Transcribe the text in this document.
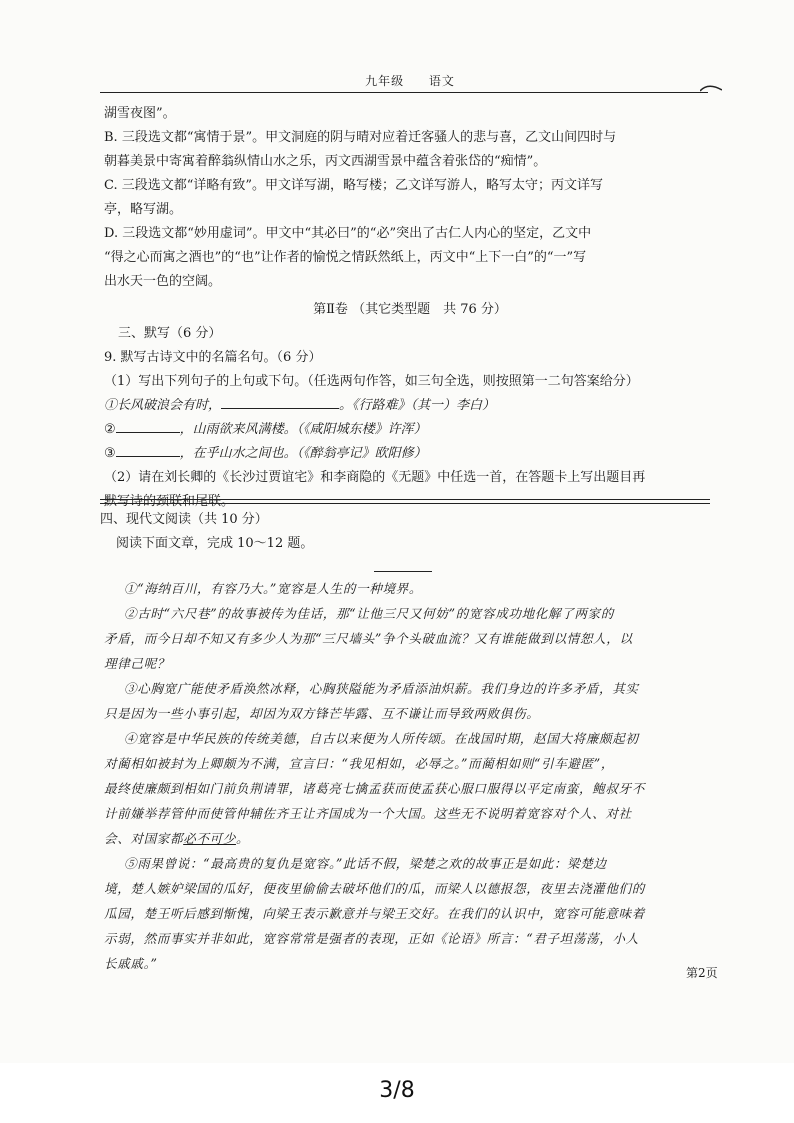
九年级 语文

湖雪夜图”。

B. 三段选文都“寓情于景”。甲文洞庭的阴与晴对应着迁客骚人的悲与喜，乙文山间四时与

朝暮美景中寄寓着醉翁纵情山水之乐，丙文西湖雪景中蕴含着张岱的“痴情”。

C. 三段选文都“详略有致”。甲文详写湖，略写楼；乙文详写游人，略写太守；丙文详写

亭，略写湖。

D. 三段选文都“妙用虚词”。甲文中“其必曰”的“必”突出了古仁人内心的坚定，乙文中

“得之心而寓之酒也”的“也”让作者的愉悦之情跃然纸上，丙文中“上下一白”的“一”写

出水天一色的空阔。

第Ⅱ卷 （其它类型题　共 76 分）

三、默写（6 分）

9. 默写古诗文中的名篇名句。（6 分）

（1）写出下列句子的上句或下句。（任选两句作答，如三句全选，则按照第一二句答案给分）

①长风破浪会有时，	。《行路难》（其一）李白）

②	，山雨欲来风满楼。（《咸阳城东楼》许浑）

③	，在乎山水之间也。（《醉翁亭记》欧阳修）

（2）请在刘长卿的《长沙过贾谊宅》和李商隐的《无题》中任选一首，在答题卡上写出题目再

默写诗的颈联和尾联。

四、现代文阅读（共 10 分）

阅读下面文章，完成 10～12 题。

①“海纳百川，有容乃大。”宽容是人生的一种境界。

②古时“六尺巷”的故事被传为佳话，那“让他三尺又何妨”的宽容成功地化解了两家的

矛盾，而今日却不知又有多少人为那“三尺墙头”争个头破血流？又有谁能做到以情恕人，以

理律己呢？

③心胸宽广能使矛盾涣然冰释，心胸狭隘能为矛盾添油炽薪。我们身边的许多矛盾，其实

只是因为一些小事引起，却因为双方锋芒毕露、互不谦让而导致两败俱伤。

④宽容是中华民族的传统美德，自古以来便为人所传颂。在战国时期，赵国大将廉颇起初

对蔺相如被封为上卿颇为不满，宣言曰：“我见相如，必辱之。”而蔺相如则“引车避匿”，

最终使廉颇到相如门前负荆请罪，诸葛亮七擒孟获而使孟获心服口服得以平定南蛮，鲍叔牙不

计前嫌举荐管仲而使管仲辅佐齐王让齐国成为一个大国。这些无不说明着宽容对个人、对社

会、对国家都必不可少。

⑤雨果曾说：“最高贵的复仇是宽容。”此话不假，梁楚之欢的故事正是如此：梁楚边

境，楚人嫉妒梁国的瓜好，便夜里偷偷去破坏他们的瓜，而梁人以德报怨，夜里去浇灌他们的

瓜园，楚王听后感到惭愧，向梁王表示歉意并与梁王交好。在我们的认识中，宽容可能意味着

示弱，然而事实并非如此，宽容常常是强者的表现，正如《论语》所言：“君子坦荡荡，小人

长戚戚。”

第2页
3/8
